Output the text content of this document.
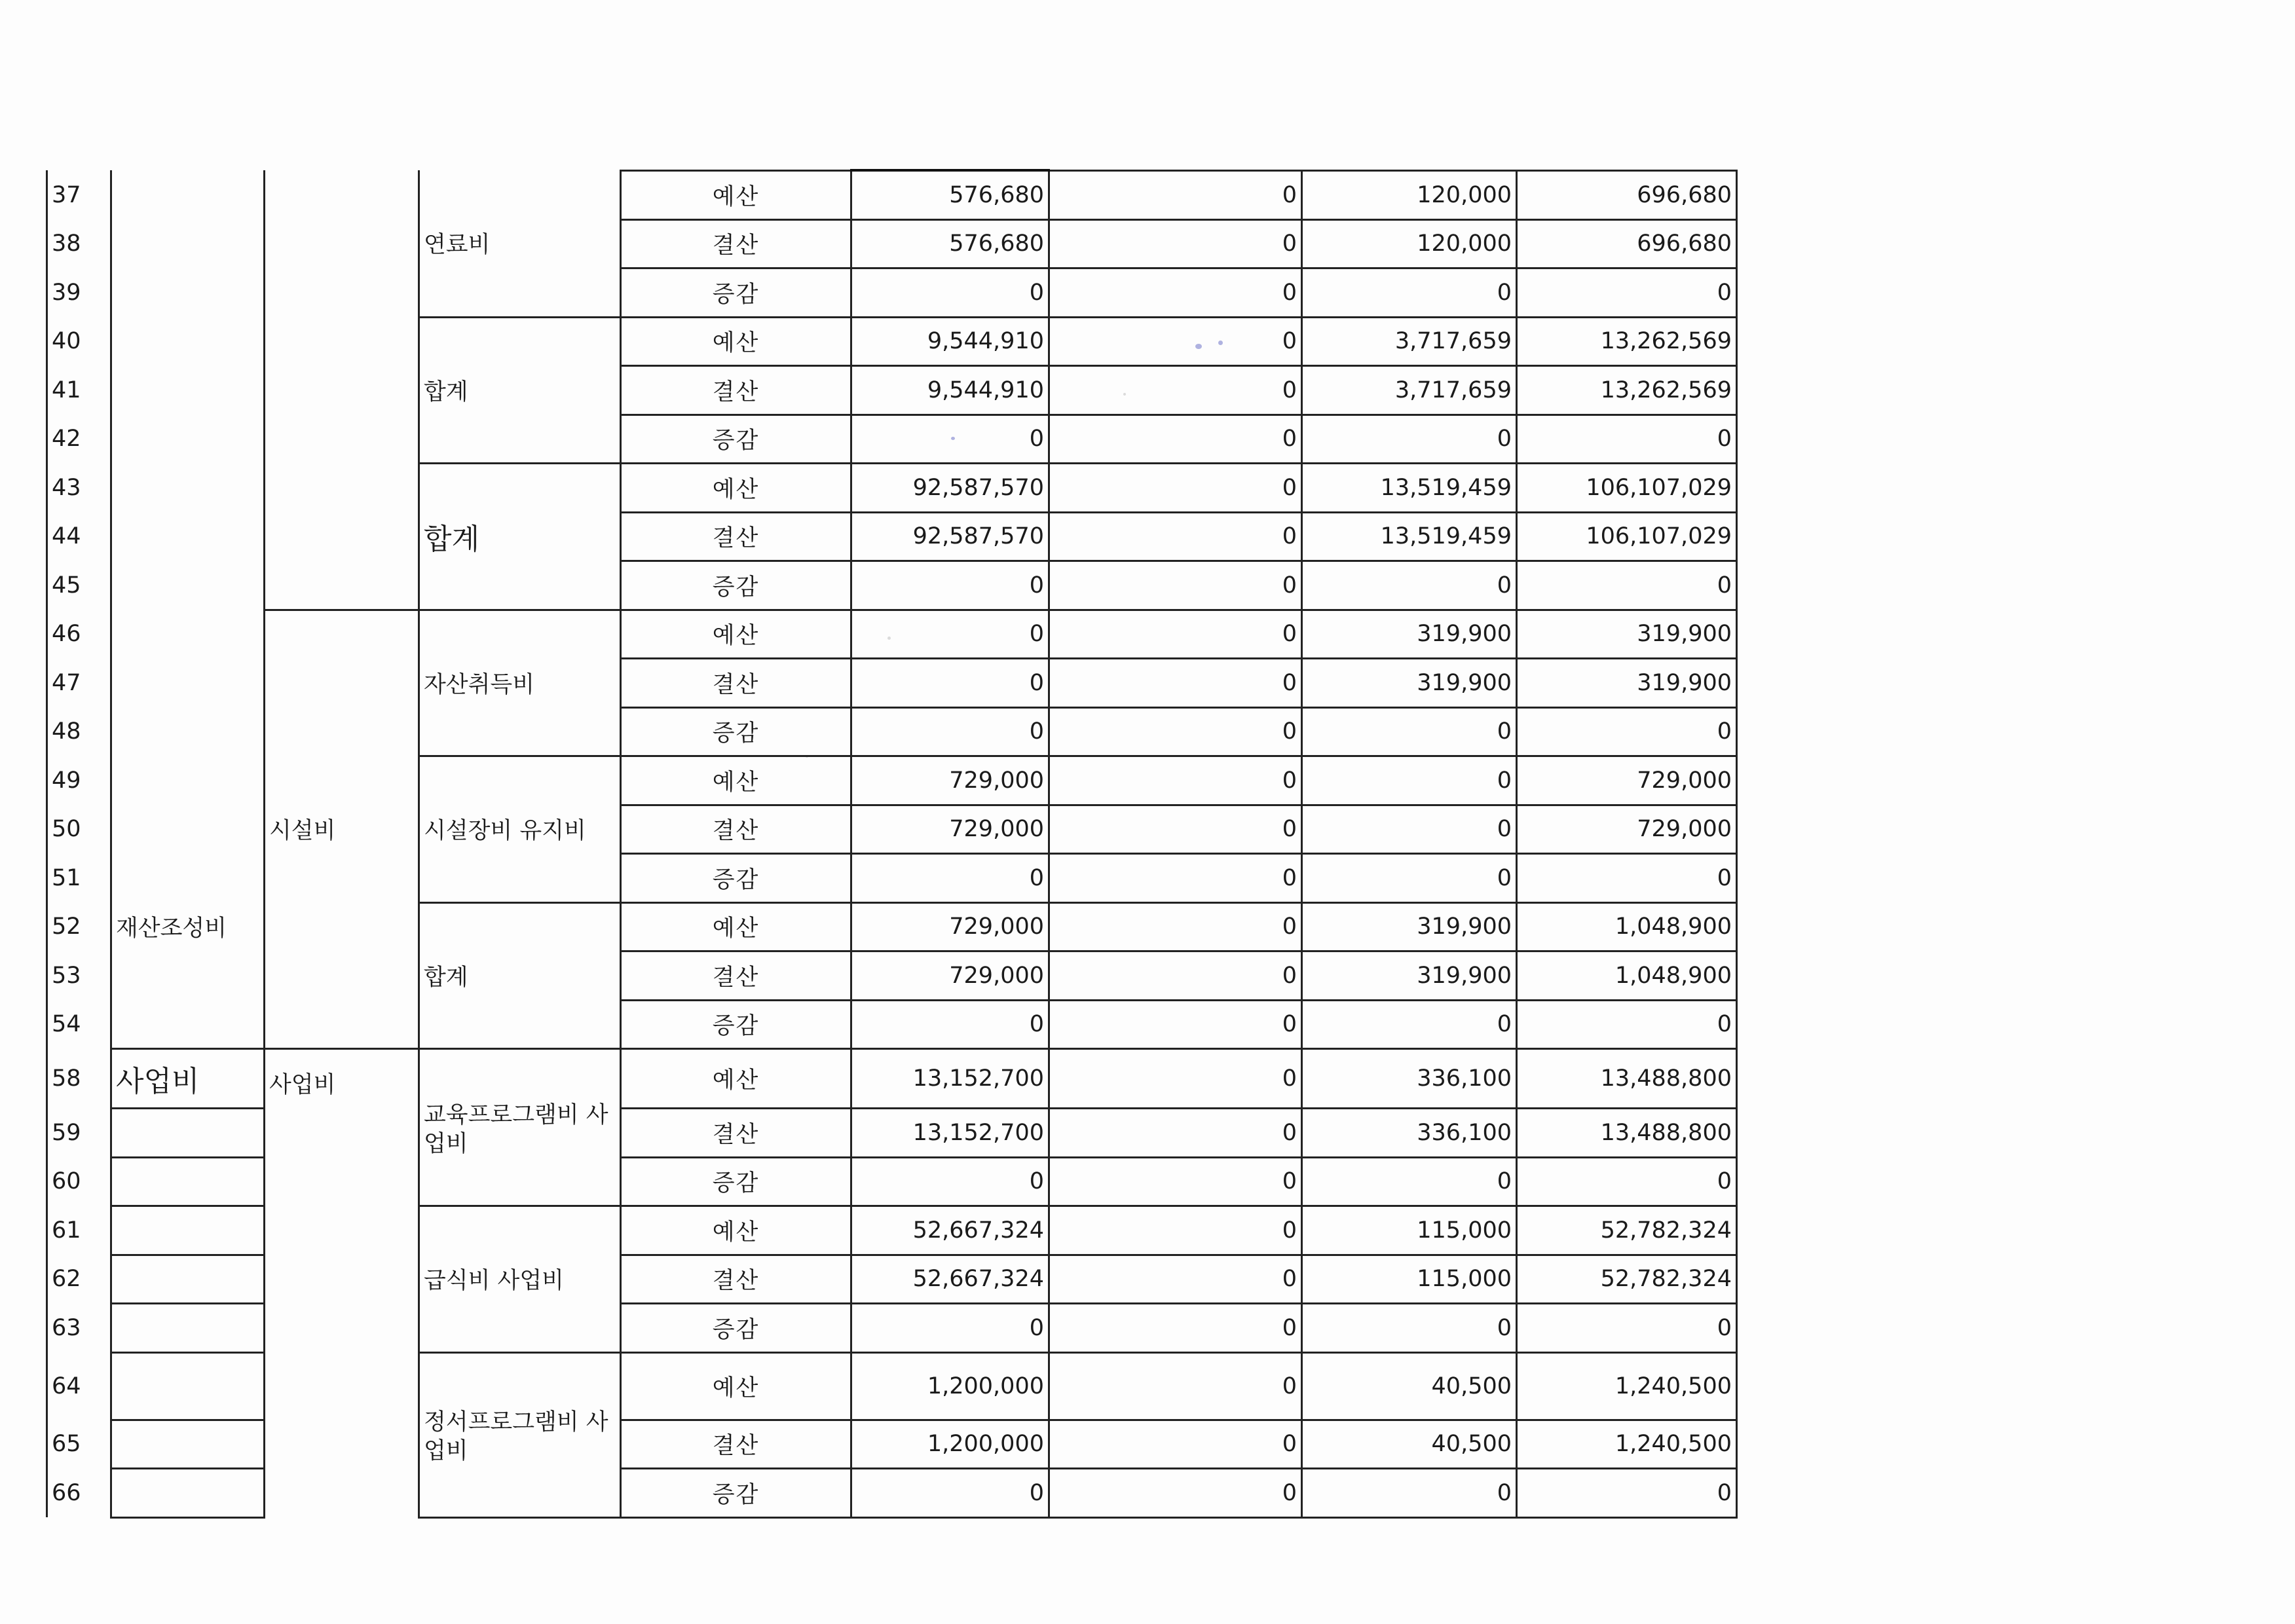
37			연료비	예산	576,680	0	120,000	696,680
38				결산	576,680	0	120,000	696,680
39				증감	0	0	0	0
40			합계	예산	9,544,910	0	3,717,659	13,262,569
41				결산	9,544,910	0	3,717,659	13,262,569
42				증감	0	0	0	0
43			합계	예산	92,587,570	0	13,519,459	106,107,029
44				결산	92,587,570	0	13,519,459	106,107,029
45				증감	0	0	0	0
46		시설비	자산취득비	예산	0	0	319,900	319,900
47				결산	0	0	319,900	319,900
48				증감	0	0	0	0
49			시설장비 유지비	예산	729,000	0	0	729,000
50				결산	729,000	0	0	729,000
51				증감	0	0	0	0
52	재산조성비		합계	예산	729,000	0	319,900	1,048,900
53				결산	729,000	0	319,900	1,048,900
54				증감	0	0	0	0
58	사업비	사업비	교육프로그램비 사업비	예산	13,152,700	0	336,100	13,488,800
59				결산	13,152,700	0	336,100	13,488,800
60				증감	0	0	0	0
61			급식비 사업비	예산	52,667,324	0	115,000	52,782,324
62				결산	52,667,324	0	115,000	52,782,324
63				증감	0	0	0	0
64			정서프로그램비 사업비	예산	1,200,000	0	40,500	1,240,500
65				결산	1,200,000	0	40,500	1,240,500
66				증감	0	0	0	0
